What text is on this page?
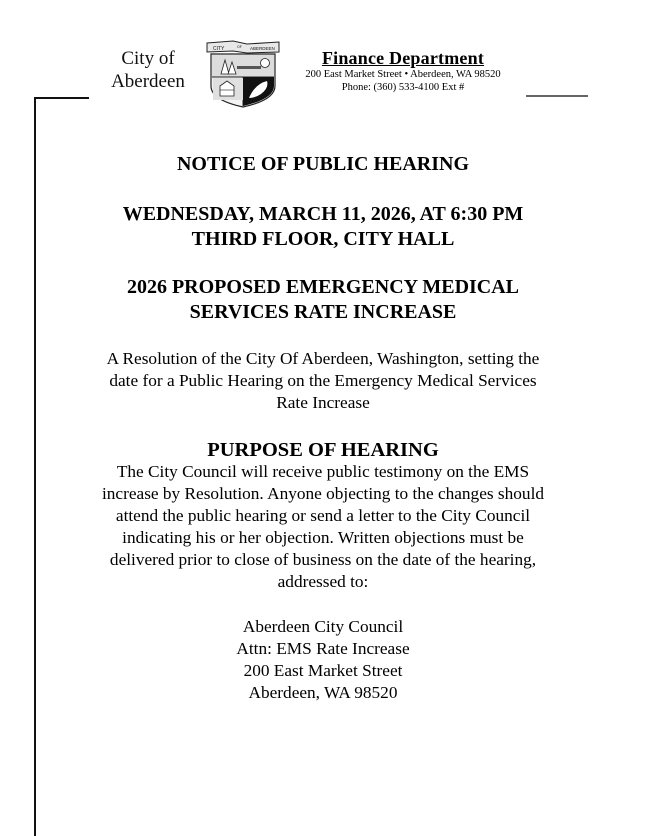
City of
Aberdeen
CITY	OF ABERDEEN	Finance Department
200 East Market Street • Aberdeen, WA 98520
Phone: (360) 533-4100 Ext #
NOTICE OF PUBLIC HEARING
WEDNESDAY, MARCH 11, 2026, AT 6:30 PM
THIRD FLOOR, CITY HALL
2026 PROPOSED EMERGENCY MEDICAL
SERVICES RATE INCREASE
A Resolution of the City Of Aberdeen, Washington, setting the
date for a Public Hearing on the Emergency Medical Services
Rate Increase
PURPOSE OF HEARING
The City Council will receive public testimony on the EMS
increase by Resolution. Anyone objecting to the changes should
attend the public hearing or send a letter to the City Council
indicating his or her objection. Written objections must be
delivered prior to close of business on the date of the hearing,
addressed to:
Aberdeen City Council
Attn: EMS Rate Increase
200 East Market Street
Aberdeen, WA 98520
